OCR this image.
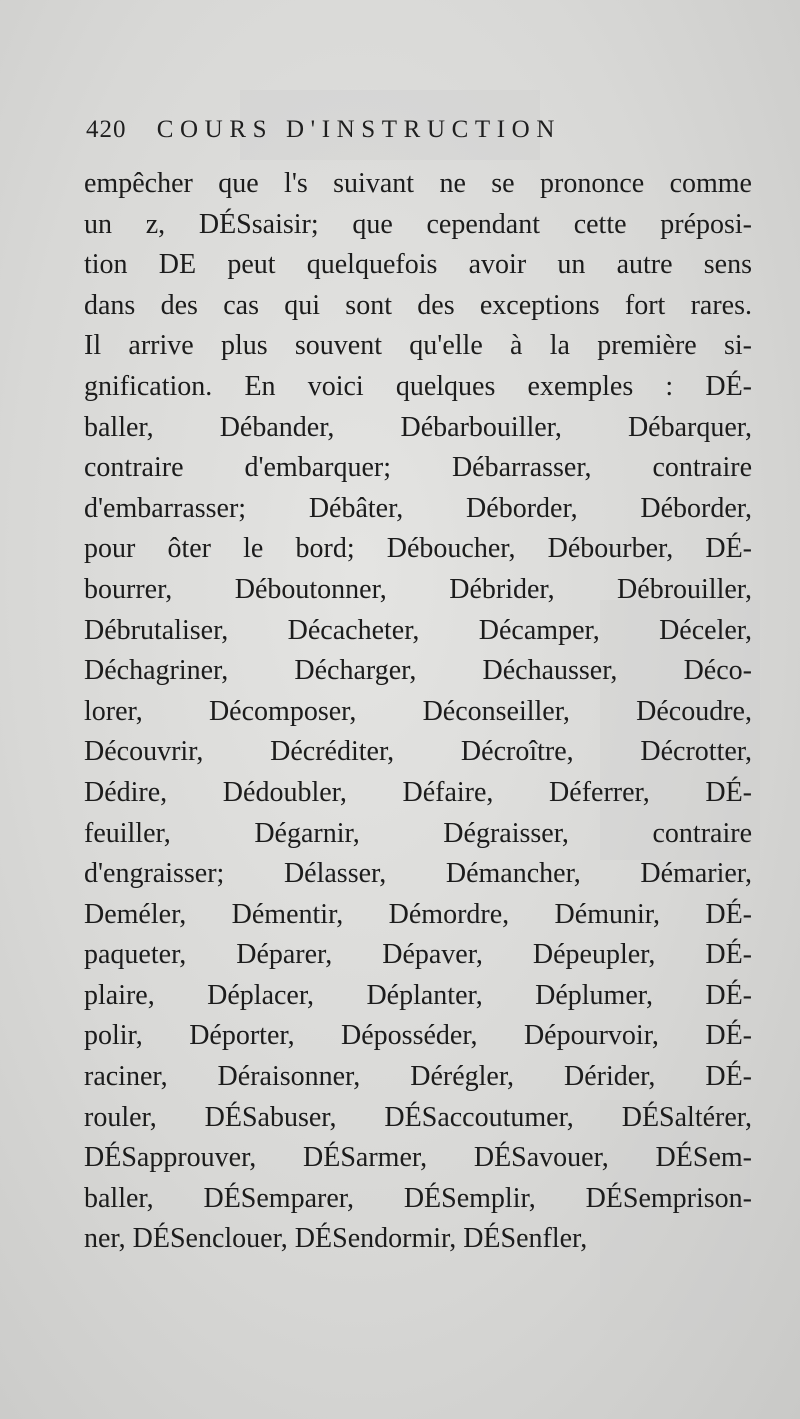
420 COURS D'INSTRUCTION
empêcher que l's suivant ne se prononce comme
un z, DÉSsaisir; que cependant cette préposi-
tion DE peut quelquefois avoir un autre sens
dans des cas qui sont des exceptions fort rares.
Il arrive plus souvent qu'elle à la première si-
gnification. En voici quelques exemples : DÉ-
baller, Débander, Débarbouiller, Débarquer,
contraire d'embarquer; Débarrasser, contraire
d'embarrasser; Débâter, Déborder, Déborder,
pour ôter le bord; Déboucher, Débourber, DÉ-
bourrer, Déboutonner, Débrider, Débrouiller,
Débrutaliser, Décacheter, Décamper, Déceler,
Déchagriner, Décharger, Déchausser, Déco-
lorer, Décomposer, Déconseiller, Découdre,
Découvrir, Décréditer, Décroître, Décrotter,
Dédire, Dédoubler, Défaire, Déferrer, DÉ-
feuiller, Dégarnir, Dégraisser, contraire
d'engraisser; Délasser, Démancher, Démarier,
Deméler, Démentir, Démordre, Démunir, DÉ-
paqueter, Déparer, Dépaver, Dépeupler, DÉ-
plaire, Déplacer, Déplanter, Déplumer, DÉ-
polir, Déporter, Déposséder, Dépourvoir, DÉ-
raciner, Déraisonner, Dérégler, Dérider, DÉ-
rouler, DÉSabuser, DÉSaccoutumer, DÉSaltérer,
DÉSapprouver, DÉSarmer, DÉSavouer, DÉSem-
baller, DÉSemparer, DÉSemplir, DÉSemprison-
ner, DÉSenclouer, DÉSendormir, DÉSenfler,
